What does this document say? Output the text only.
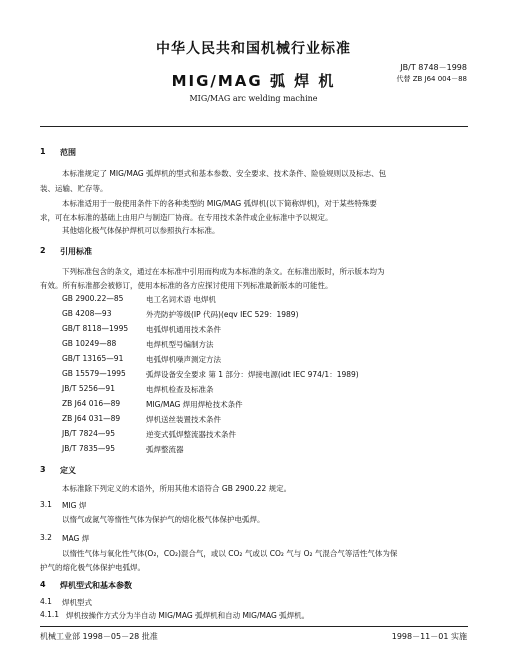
中华人民共和国机械行业标准
JB/T 8748－1998
代替 ZB J64 004－88
MIG/MAG 弧 焊 机
MIG/MAG arc welding machine
1 范围
本标准规定了 MIG/MAG 弧焊机的型式和基本参数、安全要求、技术条件、险验规则以及标志、包
装、运输、贮存等。
本标准适用于一般使用条件下的各种类型的 MIG/MAG 弧焊机(以下简称焊机)，对于某些特殊要
求，可在本标准的基础上由用户与制造厂协商。在专用技术条件或企业标准中予以规定。
其他熔化极气体保护焊机可以参照执行本标准。
2 引用标准
下列标准包含的条文，通过在本标准中引用而构成为本标准的条文。在标准出版时，所示版本均为
有效。所有标准都会被修订，使用本标准的各方应探讨使用下列标准最新版本的可能性。
GB 2900.22—85	电工名词术语 电焊机
GB 4208—93	外壳防护等级(IP 代码)(eqv IEC 529：1989)
GB/T 8118—1995 电弧焊机通用技术条件
GB 10249—88	电焊机型号编制方法
GB/T 13165—91	电弧焊机噪声测定方法
GB 15579—1995	弧焊设备安全要求 第 1 部分：焊接电源(idt IEC 974/1：1989)
JB/T 5256—91	电焊机检查及标准条
ZB J64 016—89	MIG/MAG 焊用焊枪技术条件
ZB J64 031—89	焊机送丝装置技术条件
JB/T 7824—95	逆变式弧焊整流器技术条件
JB/T 7835—95	弧焊整流器
3 定义
本标准除下列定义的术语外，所用其他术语符合 GB 2900.22 规定。
3.1 MIG 焊
以惰气或氮气等惰性气体为保护气的熔化极气体保护电弧焊。
3.2 MAG 焊
以惰性气体与氧化性气体(O₂，CO₂)混合气，或以 CO₂ 气或以 CO₂ 气与 O₂ 气混合气等活性气体为保
护气的熔化极气体保护电弧焊。
4 焊机型式和基本参数
4.1 焊机型式
4.1.1 焊机按操作方式分为半自动 MIG/MAG 弧焊机和自动 MIG/MAG 弧焊机。
机械工业部 1998－05－28 批准	1998－11－01 实施
